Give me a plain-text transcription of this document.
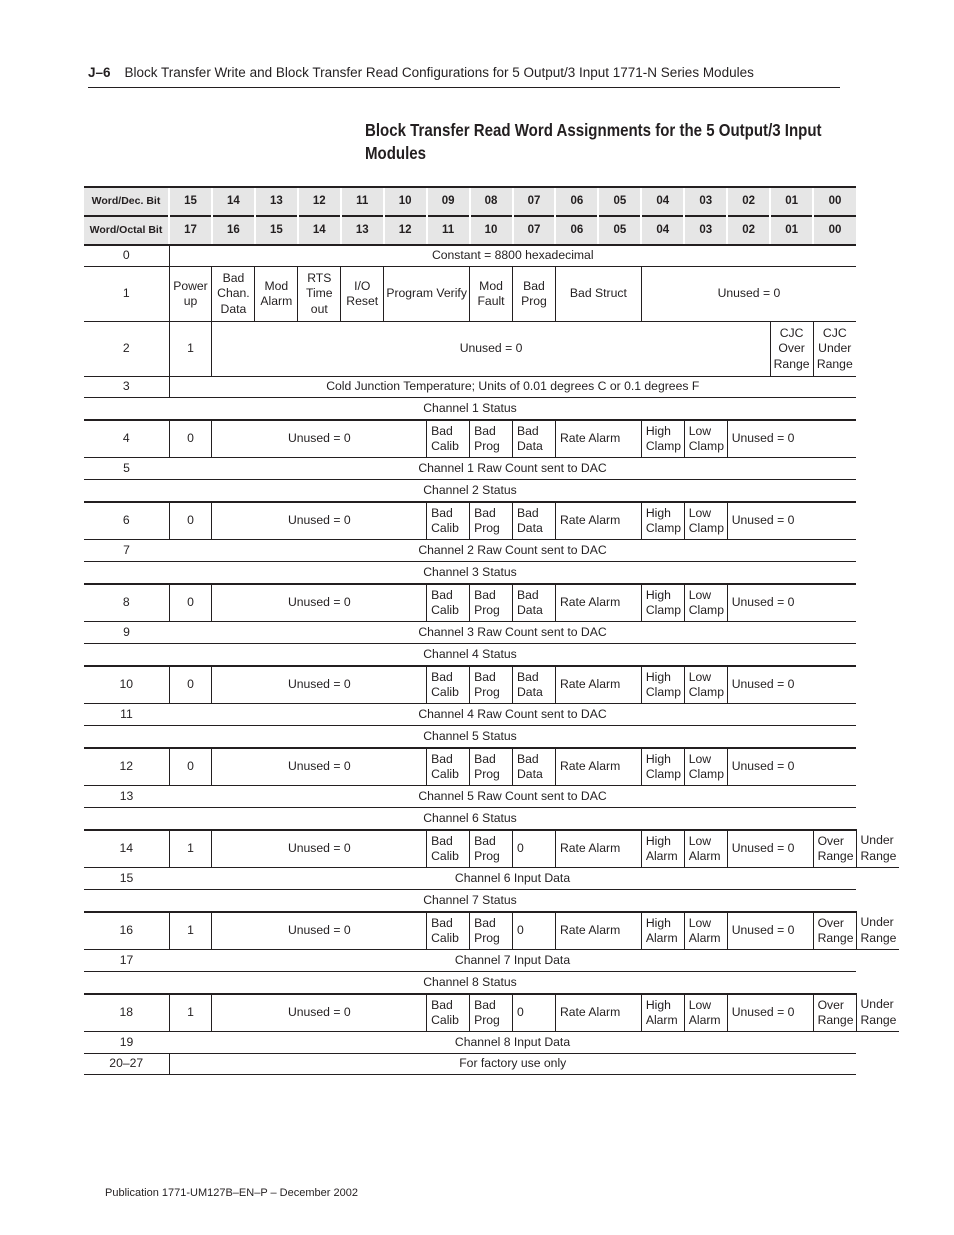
J–6 Block Transfer Write and Block Transfer Read Configurations for 5 Output/3 Input 1771-N Series Modules
Block Transfer Read Word Assignments for the 5 Output/3 Input Modules
Word/Dec. Bit	15	14	13	12	11	10	09	08	07	06	05	04	03	02	01	00	
Word/Octal Bit	17	16	15	14	13	12	11	10	07	06	05	04	03	02	01	00	
0	Constant = 8800 hexadecimal																
1	Power up	Bad Chan. Data	Mod Alarm	RTS Time out	I/O Reset	Program Verify		Mod Fault	Bad Prog	Bad Struct		Unused = 0					
2	1	Unused = 0													CJC Over Range	CJC Under Range	
3	Cold Junction Temperature; Units of 0.01 degrees C or 0.1 degrees F																
Channel 1 Status																	
4	0	Unused = 0					Bad Calib	Bad Prog	Bad Data	Rate Alarm		High Clamp	Low Clamp	Unused = 0			
5	Channel 1 Raw Count sent to DAC																
Channel 2 Status																	
6	0	Unused = 0					Bad Calib	Bad Prog	Bad Data	Rate Alarm		High Clamp	Low Clamp	Unused = 0			
7	Channel 2 Raw Count sent to DAC																
Channel 3 Status																	
8	0	Unused = 0					Bad Calib	Bad Prog	Bad Data	Rate Alarm		High Clamp	Low Clamp	Unused = 0			
9	Channel 3 Raw Count sent to DAC																
Channel 4 Status																	
10	0	Unused = 0					Bad Calib	Bad Prog	Bad Data	Rate Alarm		High Clamp	Low Clamp	Unused = 0			
11	Channel 4 Raw Count sent to DAC																
Channel 5 Status																	
12	0	Unused = 0					Bad Calib	Bad Prog	Bad Data	Rate Alarm		High Clamp	Low Clamp	Unused = 0			
13	Channel 5 Raw Count sent to DAC																
Channel 6 Status																	
14	1	Unused = 0					Bad Calib	Bad Prog	0	Rate Alarm		High Alarm	Low Alarm	Unused = 0		Over Range	Under Range
15	Channel 6 Input Data																
Channel 7 Status																	
16	1	Unused = 0					Bad Calib	Bad Prog	0	Rate Alarm		High Alarm	Low Alarm	Unused = 0		Over Range	Under Range
17	Channel 7 Input Data																
Channel 8 Status																	
18	1	Unused = 0					Bad Calib	Bad Prog	0	Rate Alarm		High Alarm	Low Alarm	Unused = 0		Over Range	Under Range
19	Channel 8 Input Data																
20–27	For factory use only																
Publication 1771-UM127B–EN–P – December 2002
